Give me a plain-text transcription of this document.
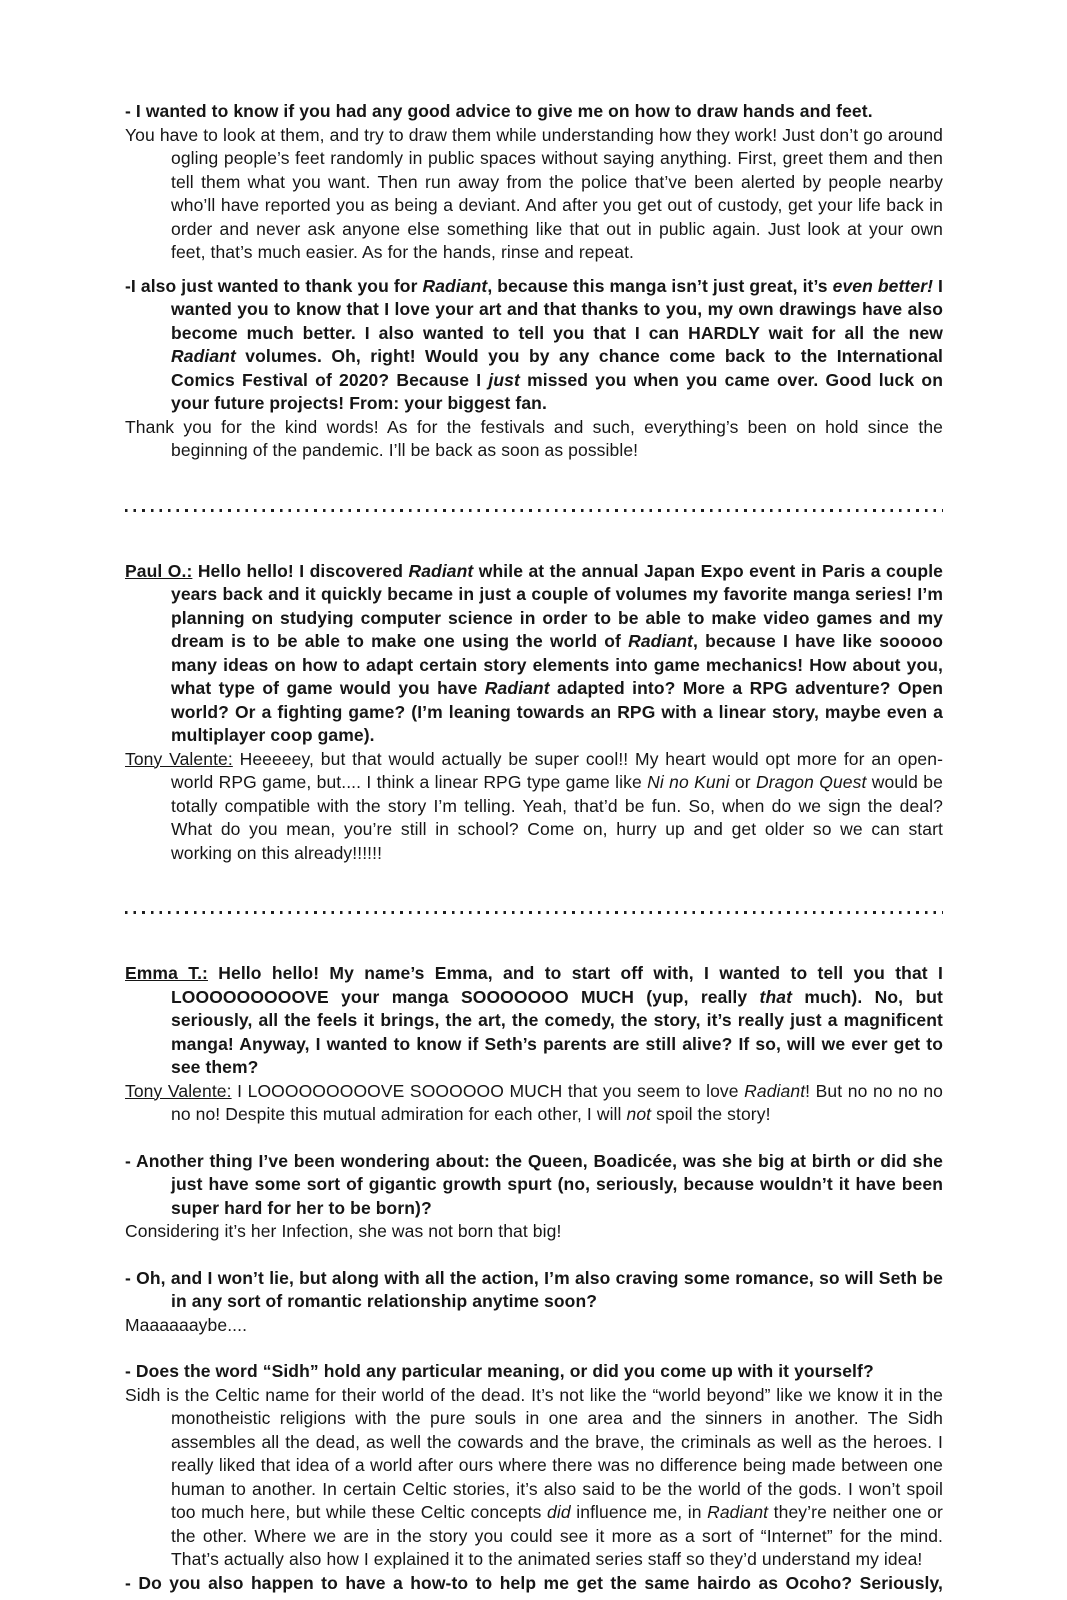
- I wanted to know if you had any good advice to give me on how to draw hands and feet.

You have to look at them, and try to draw them while understanding how they work! Just don’t go around ogling people’s feet randomly in public spaces without saying anything. First, greet them and then tell them what you want. Then run away from the police that’ve been alerted by people nearby who’ll have reported you as being a deviant. And after you get out of custody, get your life back in order and never ask anyone else something like that out in public again. Just look at your own feet, that’s much easier. As for the hands, rinse and repeat.

-I also just wanted to thank you for Radiant, because this manga isn’t just great, it’s even better! I wanted you to know that I love your art and that thanks to you, my own drawings have also become much better. I also wanted to tell you that I can HARDLY wait for all the new Radiant volumes. Oh, right! Would you by any chance come back to the International Comics Festival of 2020? Because I just missed you when you came over. Good luck on your future projects! From: your biggest fan.

Thank you for the kind words! As for the festivals and such, everything’s been on hold since the beginning of the pandemic. I’ll be back as soon as possible!

Paul O.: Hello hello! I discovered Radiant while at the annual Japan Expo event in Paris a couple years back and it quickly became in just a couple of volumes my favorite manga series! I’m planning on studying computer science in order to be able to make video games and my dream is to be able to make one using the world of Radiant, because I have like sooooo many ideas on how to adapt certain story elements into game mechanics! How about you, what type of game would you have Radiant adapted into? More a RPG adventure? Open world? Or a fighting game? (I’m leaning towards an RPG with a linear story, maybe even a multiplayer coop game).

Tony Valente: Heeeeey, but that would actually be super cool!! My heart would opt more for an open-world RPG game, but.... I think a linear RPG type game like Ni no Kuni or Dragon Quest would be totally compatible with the story I’m telling. Yeah, that’d be fun. So, when do we sign the deal? What do you mean, you’re still in school? Come on, hurry up and get older so we can start working on this already!!!!!!

Emma T.: Hello hello! My name’s Emma, and to start off with, I wanted to tell you that I LOOOOOOOOOVE your manga SOOOOOOO MUCH (yup, really that much). No, but seriously, all the feels it brings, the art, the comedy, the story, it’s really just a magnificent manga! Anyway, I wanted to know if Seth’s parents are still alive? If so, will we ever get to see them?

Tony Valente: I LOOOOOOOOOVE SOOOOOO MUCH that you seem to love Radiant! But no no no no no no! Despite this mutual admiration for each other, I will not spoil the story!

- Another thing I’ve been wondering about: the Queen, Boadicée, was she big at birth or did she just have some sort of gigantic growth spurt (no, seriously, because wouldn’t it have been super hard for her to be born)?

Considering it’s her Infection, she was not born that big!

- Oh, and I won’t lie, but along with all the action, I’m also craving some romance, so will Seth be in any sort of romantic relationship anytime soon?

Maaaaaaybe....

- Does the word “Sidh” hold any particular meaning, or did you come up with it yourself?

Sidh is the Celtic name for their world of the dead. It’s not like the “world beyond” like we know it in the monotheistic religions with the pure souls in one area and the sinners in another. The Sidh assembles all the dead, as well the cowards and the brave, the criminals as well as the heroes. I really liked that idea of a world after ours where there was no difference being made between one human to another. In certain Celtic stories, it’s also said to be the world of the gods. I won’t spoil too much here, but while these Celtic concepts did influence me, in Radiant they’re neither one or the other. Where we are in the story you could see it more as a sort of “Internet” for the mind. That’s actually also how I explained it to the animated series staff so they’d understand my idea!

- Do you also happen to have a how-to to help me get the same hairdo as Ocoho? Seriously,
